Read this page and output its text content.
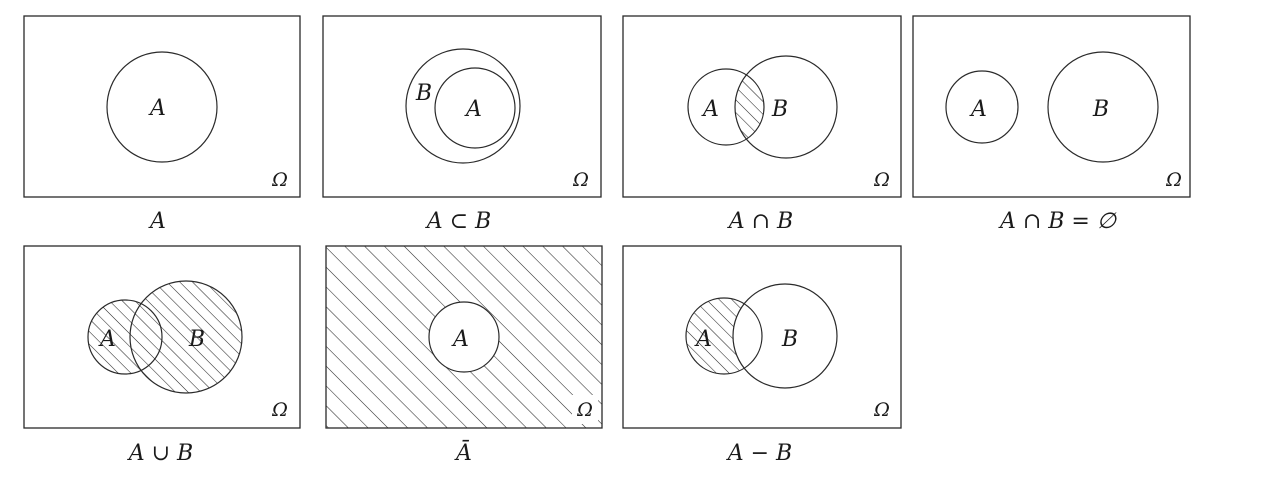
A
Ω
A
B
A
Ω
A ⊂ B
A B
Ω
A ∩ B
A	B
Ω
A ∩ B = ∅
A	B
Ω
A ∪ B
A
Ω
Ā
A	B
Ω
A − B
